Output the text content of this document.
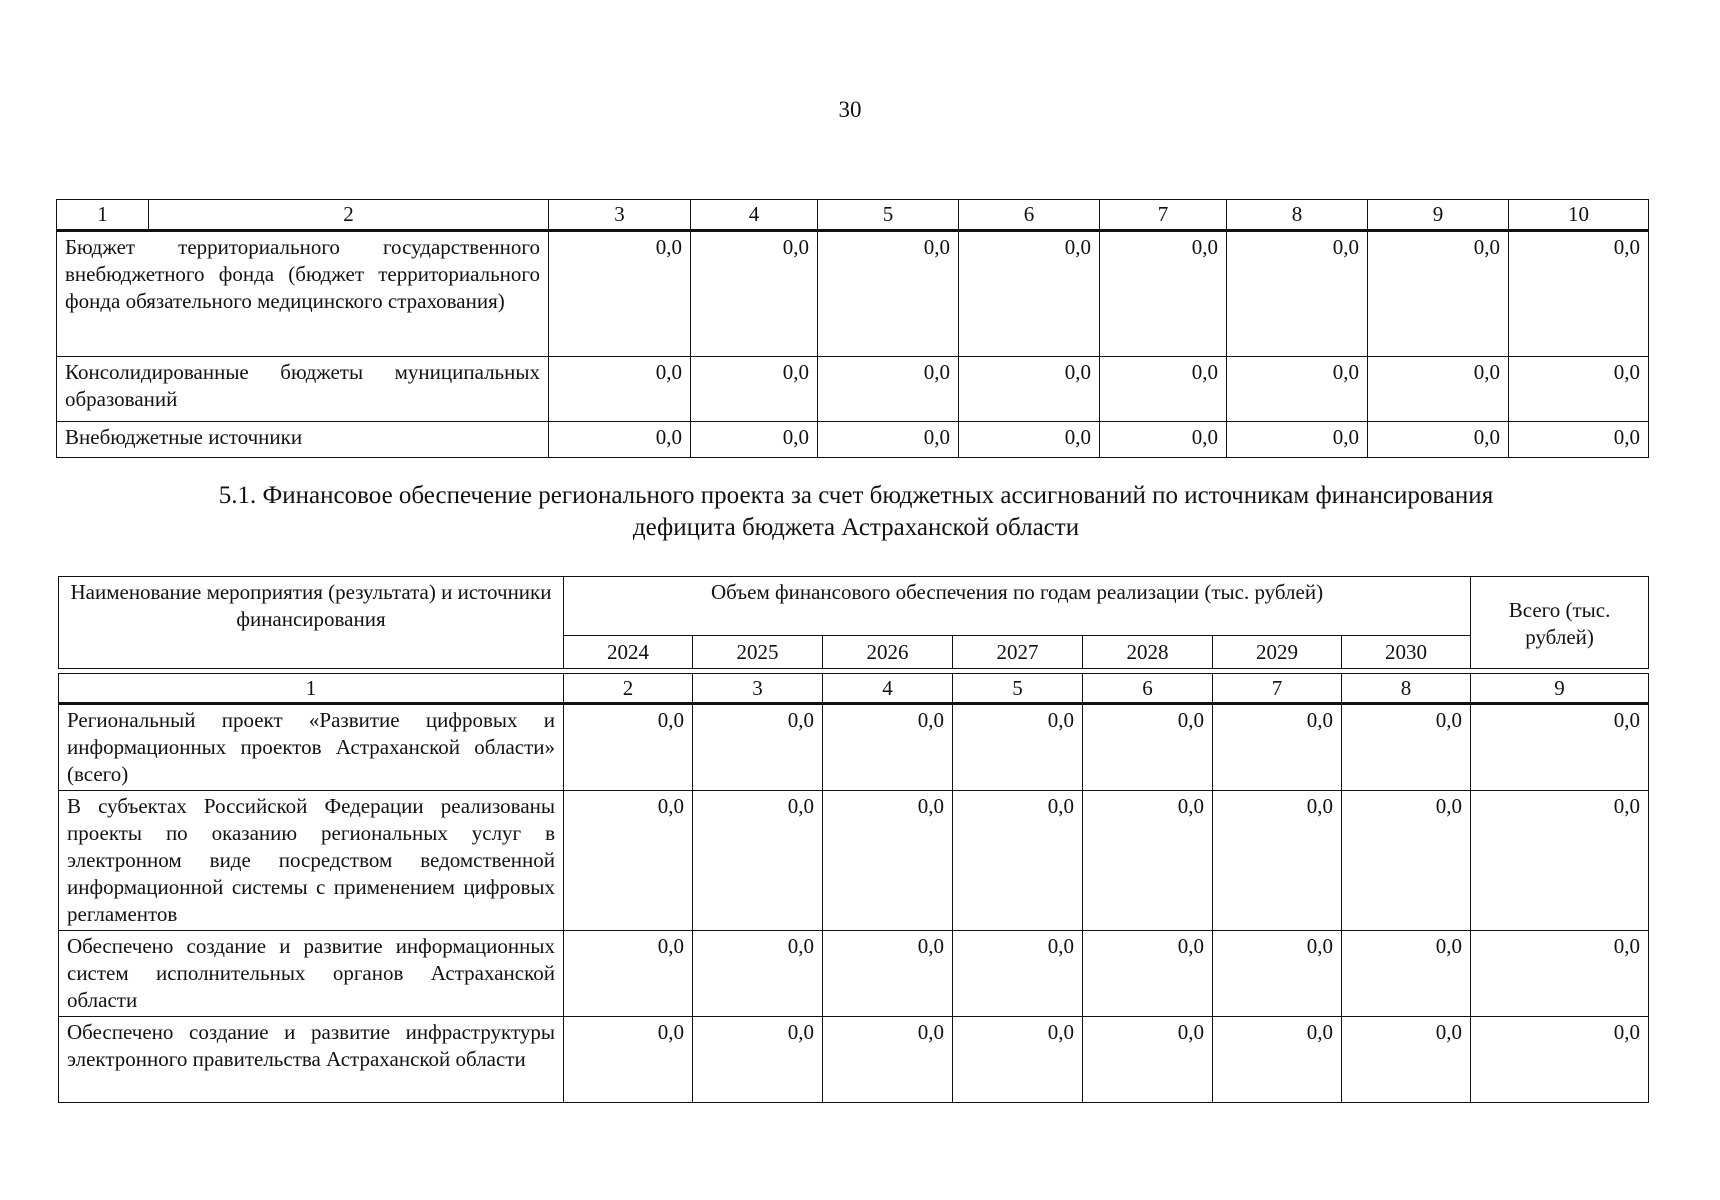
30
1	2	3	4	5	6	7	8	9	10
Бюджет территориального государственного внебюджетного фонда (бюджет территориального фонда обязательного медицинского страхования)		0,0	0,0	0,0	0,0	0,0	0,0	0,0	0,0
Консолидированные бюджеты муниципальных образований		0,0	0,0	0,0	0,0	0,0	0,0	0,0	0,0
Внебюджетные источники		0,0	0,0	0,0	0,0	0,0	0,0	0,0	0,0
5.1. Финансовое обеспечение регионального проекта за счет бюджетных ассигнований по источникам финансирования
дефицита бюджета Астраханской области
Наименование мероприятия (результата) и источники финансирования	Объем финансового обеспечения по годам реализации (тыс. рублей)							Всего (тыс. рублей)
	2024	2025	2026	2027	2028	2029	2030	
1	2	3	4	5	6	7	8	9
Региональный проект «Развитие цифровых и информационных проектов Астраханской области» (всего)	0,0	0,0	0,0	0,0	0,0	0,0	0,0	0,0
В субъектах Российской Федерации реализованы проекты по оказанию региональных услуг в электронном виде посредством ведомственной информационной системы с применением цифровых регламентов	0,0	0,0	0,0	0,0	0,0	0,0	0,0	0,0
Обеспечено создание и развитие информационных систем исполнительных органов Астраханской области	0,0	0,0	0,0	0,0	0,0	0,0	0,0	0,0
Обеспечено создание и развитие инфраструктуры электронного правительства Астраханской области	0,0	0,0	0,0	0,0	0,0	0,0	0,0	0,0
